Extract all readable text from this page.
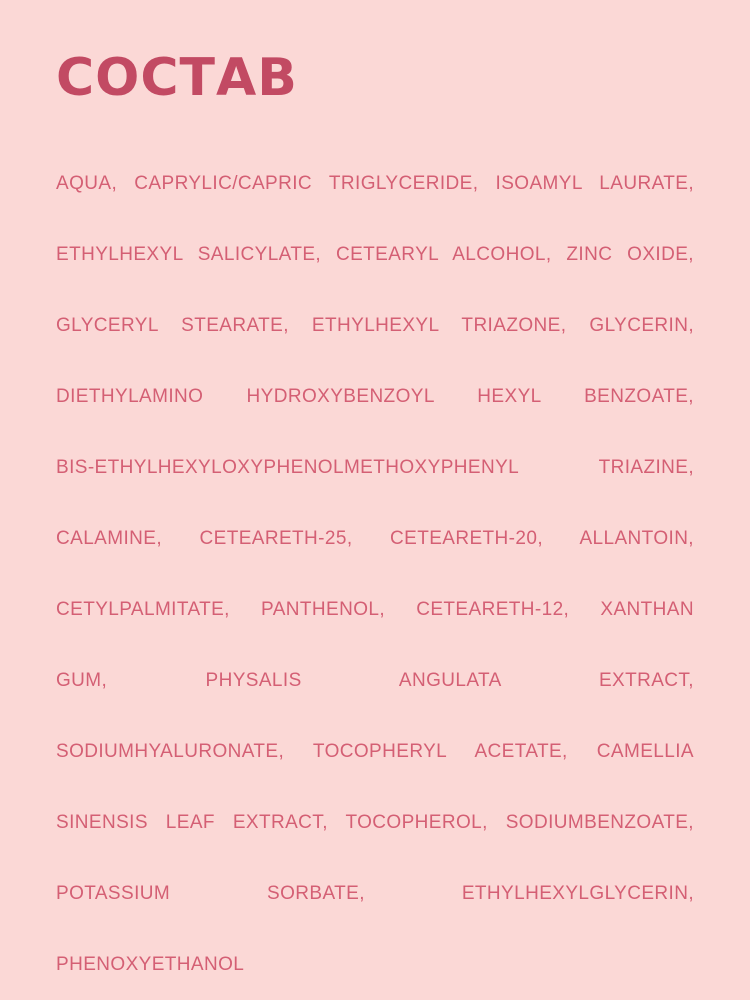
СОСТАВ
AQUA, CAPRYLIC/CAPRIC TRIGLYCERIDE, ISOAMYL LAURATE,
ETHYLHEXYL SALICYLATE, CETEARYL ALCOHOL, ZINC OXIDE,
GLYCERYL STEARATE, ETHYLHEXYL TRIAZONE, GLYCERIN,
DIETHYLAMINO HYDROXYBENZOYL HEXYL BENZOATE,
BIS-ETHYLHEXYLOXYPHENOLMETHOXYPHENYL TRIAZINE,
CALAMINE, CETEARETH-25, CETEARETH-20, ALLANTOIN,
CETYLPALMITATE, PANTHENOL, CETEARETH-12, XANTHAN
GUM, PHYSALIS ANGULATA EXTRACT,
SODIUMHYALURONATE, TOCOPHERYL ACETATE, CAMELLIA
SINENSIS LEAF EXTRACT, TOCOPHEROL, SODIUMBENZOATE,
POTASSIUM SORBATE, ETHYLHEXYLGLYCERIN,
PHENOXYETHANOL
